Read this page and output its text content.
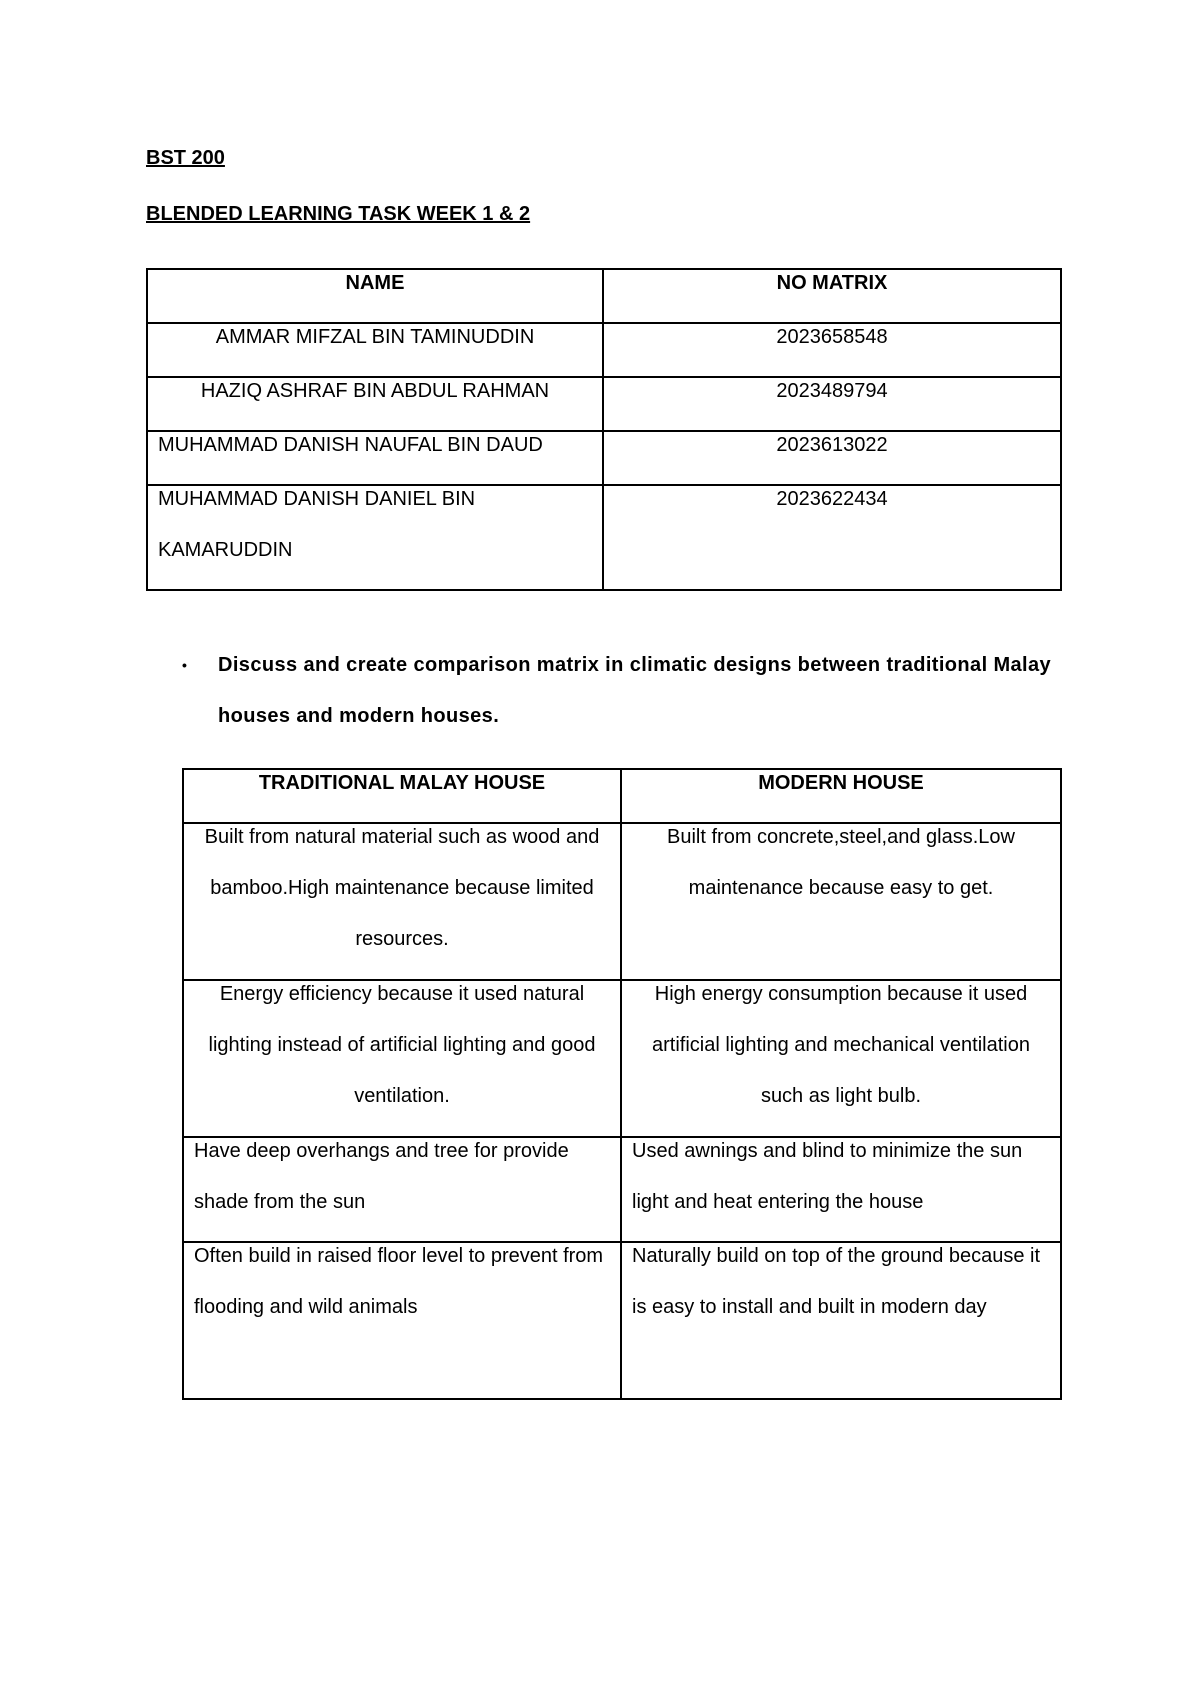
BST 200

BLENDED LEARNING TASK WEEK 1 & 2

NAME	NO MATRIX
AMMAR MIFZAL BIN TAMINUDDIN	2023658548
HAZIQ ASHRAF BIN ABDUL RAHMAN	2023489794
MUHAMMAD DANISH NAUFAL BIN DAUD	2023613022

MUHAMMAD DANISH DANIEL BIN KAMARUDDIN	2023622434
• Discuss and create comparison matrix in climatic designs between traditional Malay houses and modern houses.
TRADITIONAL MALAY HOUSE	MODERN HOUSE

Built from natural material such as wood and bamboo.High maintenance because limited resources.	Built from concrete,steel,and glass.Low maintenance because easy to get.

Energy efficiency because it used natural lighting instead of artificial lighting and good ventilation.	High energy consumption because it used artificial lighting and mechanical ventilation such as light bulb.

Have deep overhangs and tree for provide shade from the sun	Used awnings and blind to minimize the sun light and heat entering the house

Often build in raised floor level to prevent from flooding and wild animals	Naturally build on top of the ground because it is easy to install and built in modern day
